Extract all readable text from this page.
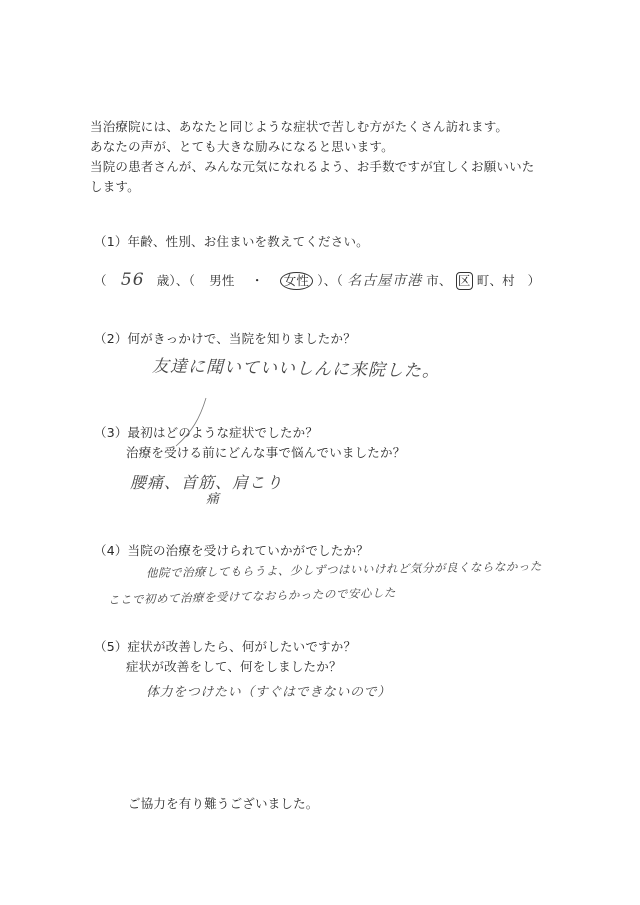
当治療院には、あなたと同じような症状で苦しむ方がたくさん訪れます。
あなたの声が、とても大きな励みになると思います。
当院の患者さんが、みんな元気になれるよう、お手数ですが宜しくお願いいた
します。
（1）年齢、性別、お住まいを教えてください。
（ 56 歳）、（ 男性 ・ 女性 ）、（ 名古屋市港 市、 区 町、村　）
（2）何がきっかけで、当院を知りましたか？
友達に聞いていいしんに来院した。
（3）最初はどのような症状でしたか？
治療を受ける前にどんな事で悩んでいましたか？
腰痛、首筋、肩こり
痛
（4）当院の治療を受けられていかがでしたか？
他院で治療してもらうよ、少しずつはいいけれど気分が良くならなかった
ここで初めて治療を受けてなおらかったので安心した
（5）症状が改善したら、何がしたいですか？
症状が改善をして、何をしましたか？
体力をつけたい（すぐはできないので）
ご協力を有り難うございました。
